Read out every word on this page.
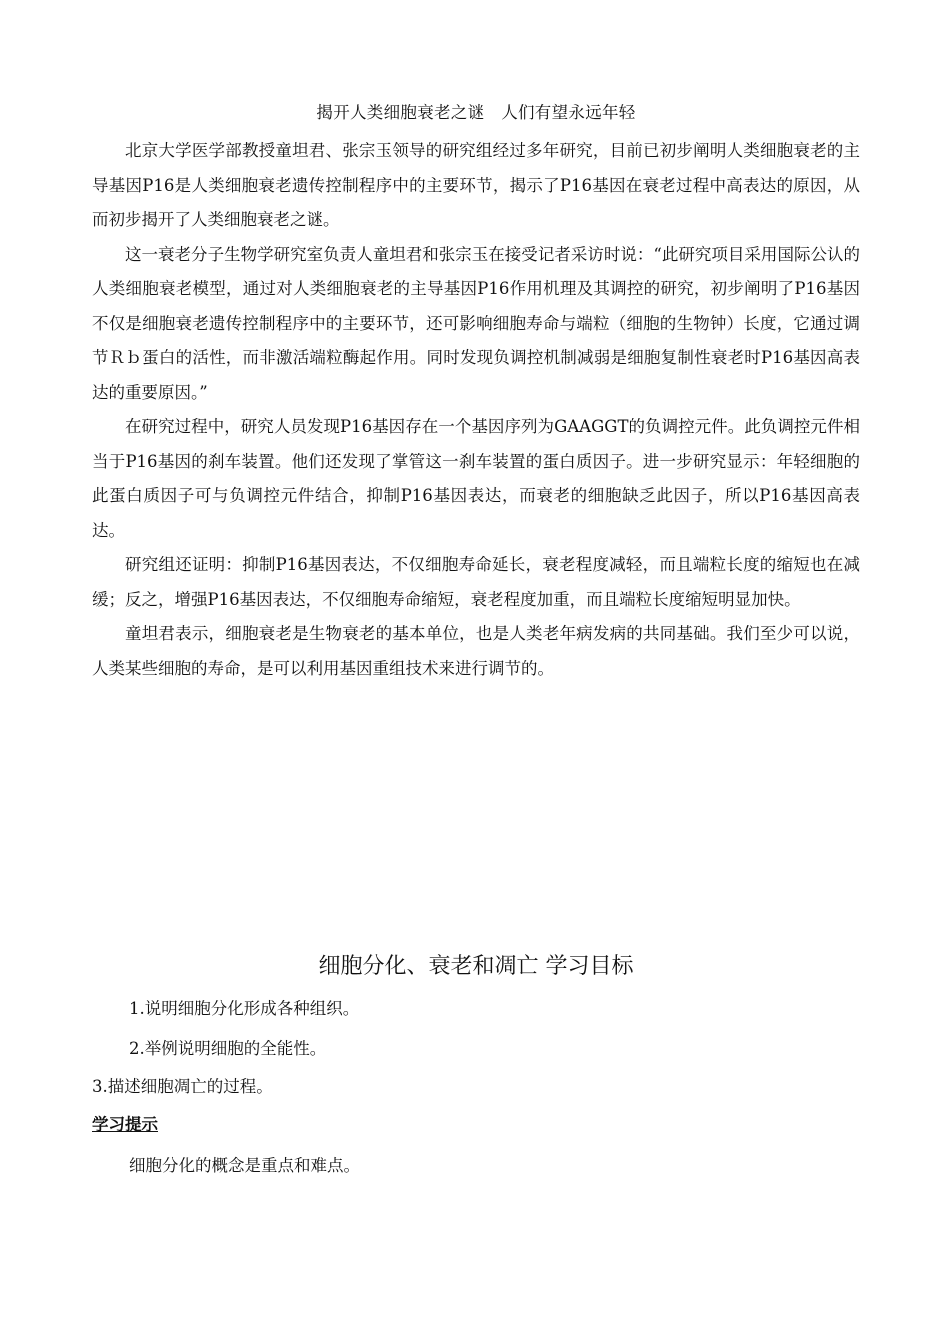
揭开人类细胞衰老之谜　人们有望永远年轻

北京大学医学部教授童坦君、张宗玉领导的研究组经过多年研究，目前已初步阐明人类细胞衰老的主导基因P16是人类细胞衰老遗传控制程序中的主要环节，揭示了P16基因在衰老过程中高表达的原因，从而初步揭开了人类细胞衰老之谜。

这一衰老分子生物学研究室负责人童坦君和张宗玉在接受记者采访时说：“此研究项目采用国际公认的人类细胞衰老模型，通过对人类细胞衰老的主导基因P16作用机理及其调控的研究，初步阐明了P16基因不仅是细胞衰老遗传控制程序中的主要环节，还可影响细胞寿命与端粒（细胞的生物钟）长度，它通过调节Ｒｂ蛋白的活性，而非激活端粒酶起作用。同时发现负调控机制减弱是细胞复制性衰老时P16基因高表达的重要原因。”

在研究过程中，研究人员发现P16基因存在一个基因序列为GAAGGT的负调控元件。此负调控元件相当于P16基因的刹车装置。他们还发现了掌管这一刹车装置的蛋白质因子。进一步研究显示：年轻细胞的此蛋白质因子可与负调控元件结合，抑制P16基因表达，而衰老的细胞缺乏此因子，所以P16基因高表达。

研究组还证明：抑制P16基因表达，不仅细胞寿命延长，衰老程度减轻，而且端粒长度的缩短也在减缓；反之，增强P16基因表达，不仅细胞寿命缩短，衰老程度加重，而且端粒长度缩短明显加快。

童坦君表示，细胞衰老是生物衰老的基本单位，也是人类老年病发病的共同基础。我们至少可以说，人类某些细胞的寿命，是可以利用基因重组技术来进行调节的。

细胞分化、衰老和凋亡 学习目标
1.说明细胞分化形成各种组织。
2.举例说明细胞的全能性。
3.描述细胞凋亡的过程。
学习提示
细胞分化的概念是重点和难点。
